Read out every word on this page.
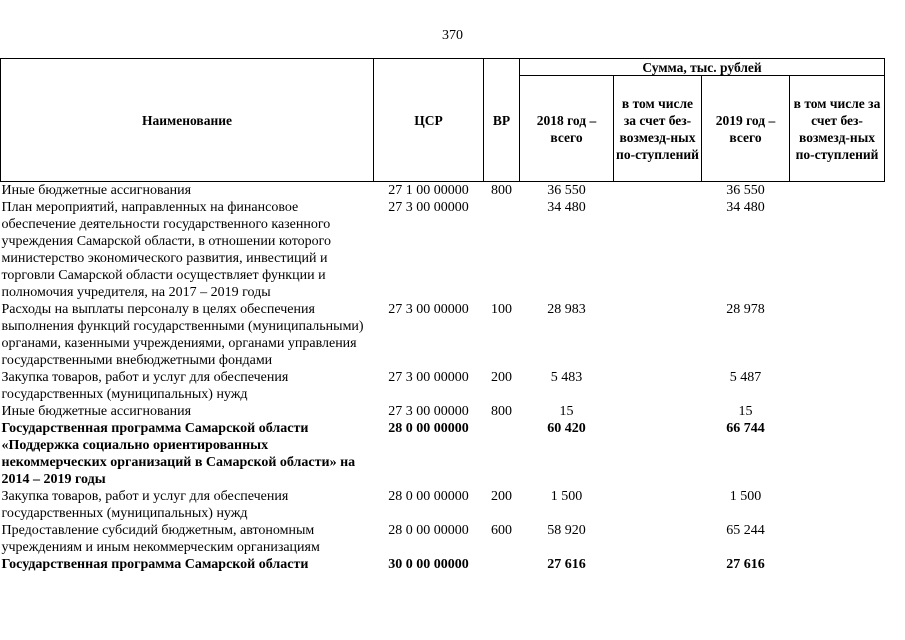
370
Наименование	ЦСР	ВР	Сумма, тыс. рублей			
			2018 год – всего	в том числе за счет без-возмезд-ных по-ступлений	2019 год – всего	в том числе за счет без-возмезд-ных по-ступлений
Иные бюджетные ассигнования	27 1 00 00000	800	36 550		36 550	
План мероприятий, направленных на финансовое обеспечение деятельности государственного казенного учреждения Самарской области, в отношении которого министерство экономического развития, инвестиций и торговли Самарской области осуществляет функции и полномочия учредителя, на 2017 – 2019 годы	27 3 00 00000		34 480		34 480	
Расходы на выплаты персоналу в целях обеспечения выполнения функций государственными (муниципальными) органами, казенными учреждениями, органами управления государственными внебюджетными фондами	27 3 00 00000	100	28 983		28 978	
Закупка товаров, работ и услуг для обеспечения государственных (муниципальных) нужд	27 3 00 00000	200	5 483		5 487	
Иные бюджетные ассигнования	27 3 00 00000	800	15		15	
Государственная программа Самарской области «Поддержка социально ориентированных некоммерческих организаций в Самарской области» на 2014 – 2019 годы	28 0 00 00000		60 420		66 744	
Закупка товаров, работ и услуг для обеспечения государственных (муниципальных) нужд	28 0 00 00000	200	1 500		1 500	
Предоставление субсидий бюджетным, автономным учреждениям и иным некоммерческим организациям	28 0 00 00000	600	58 920		65 244	
Государственная программа Самарской области	30 0 00 00000		27 616		27 616	
